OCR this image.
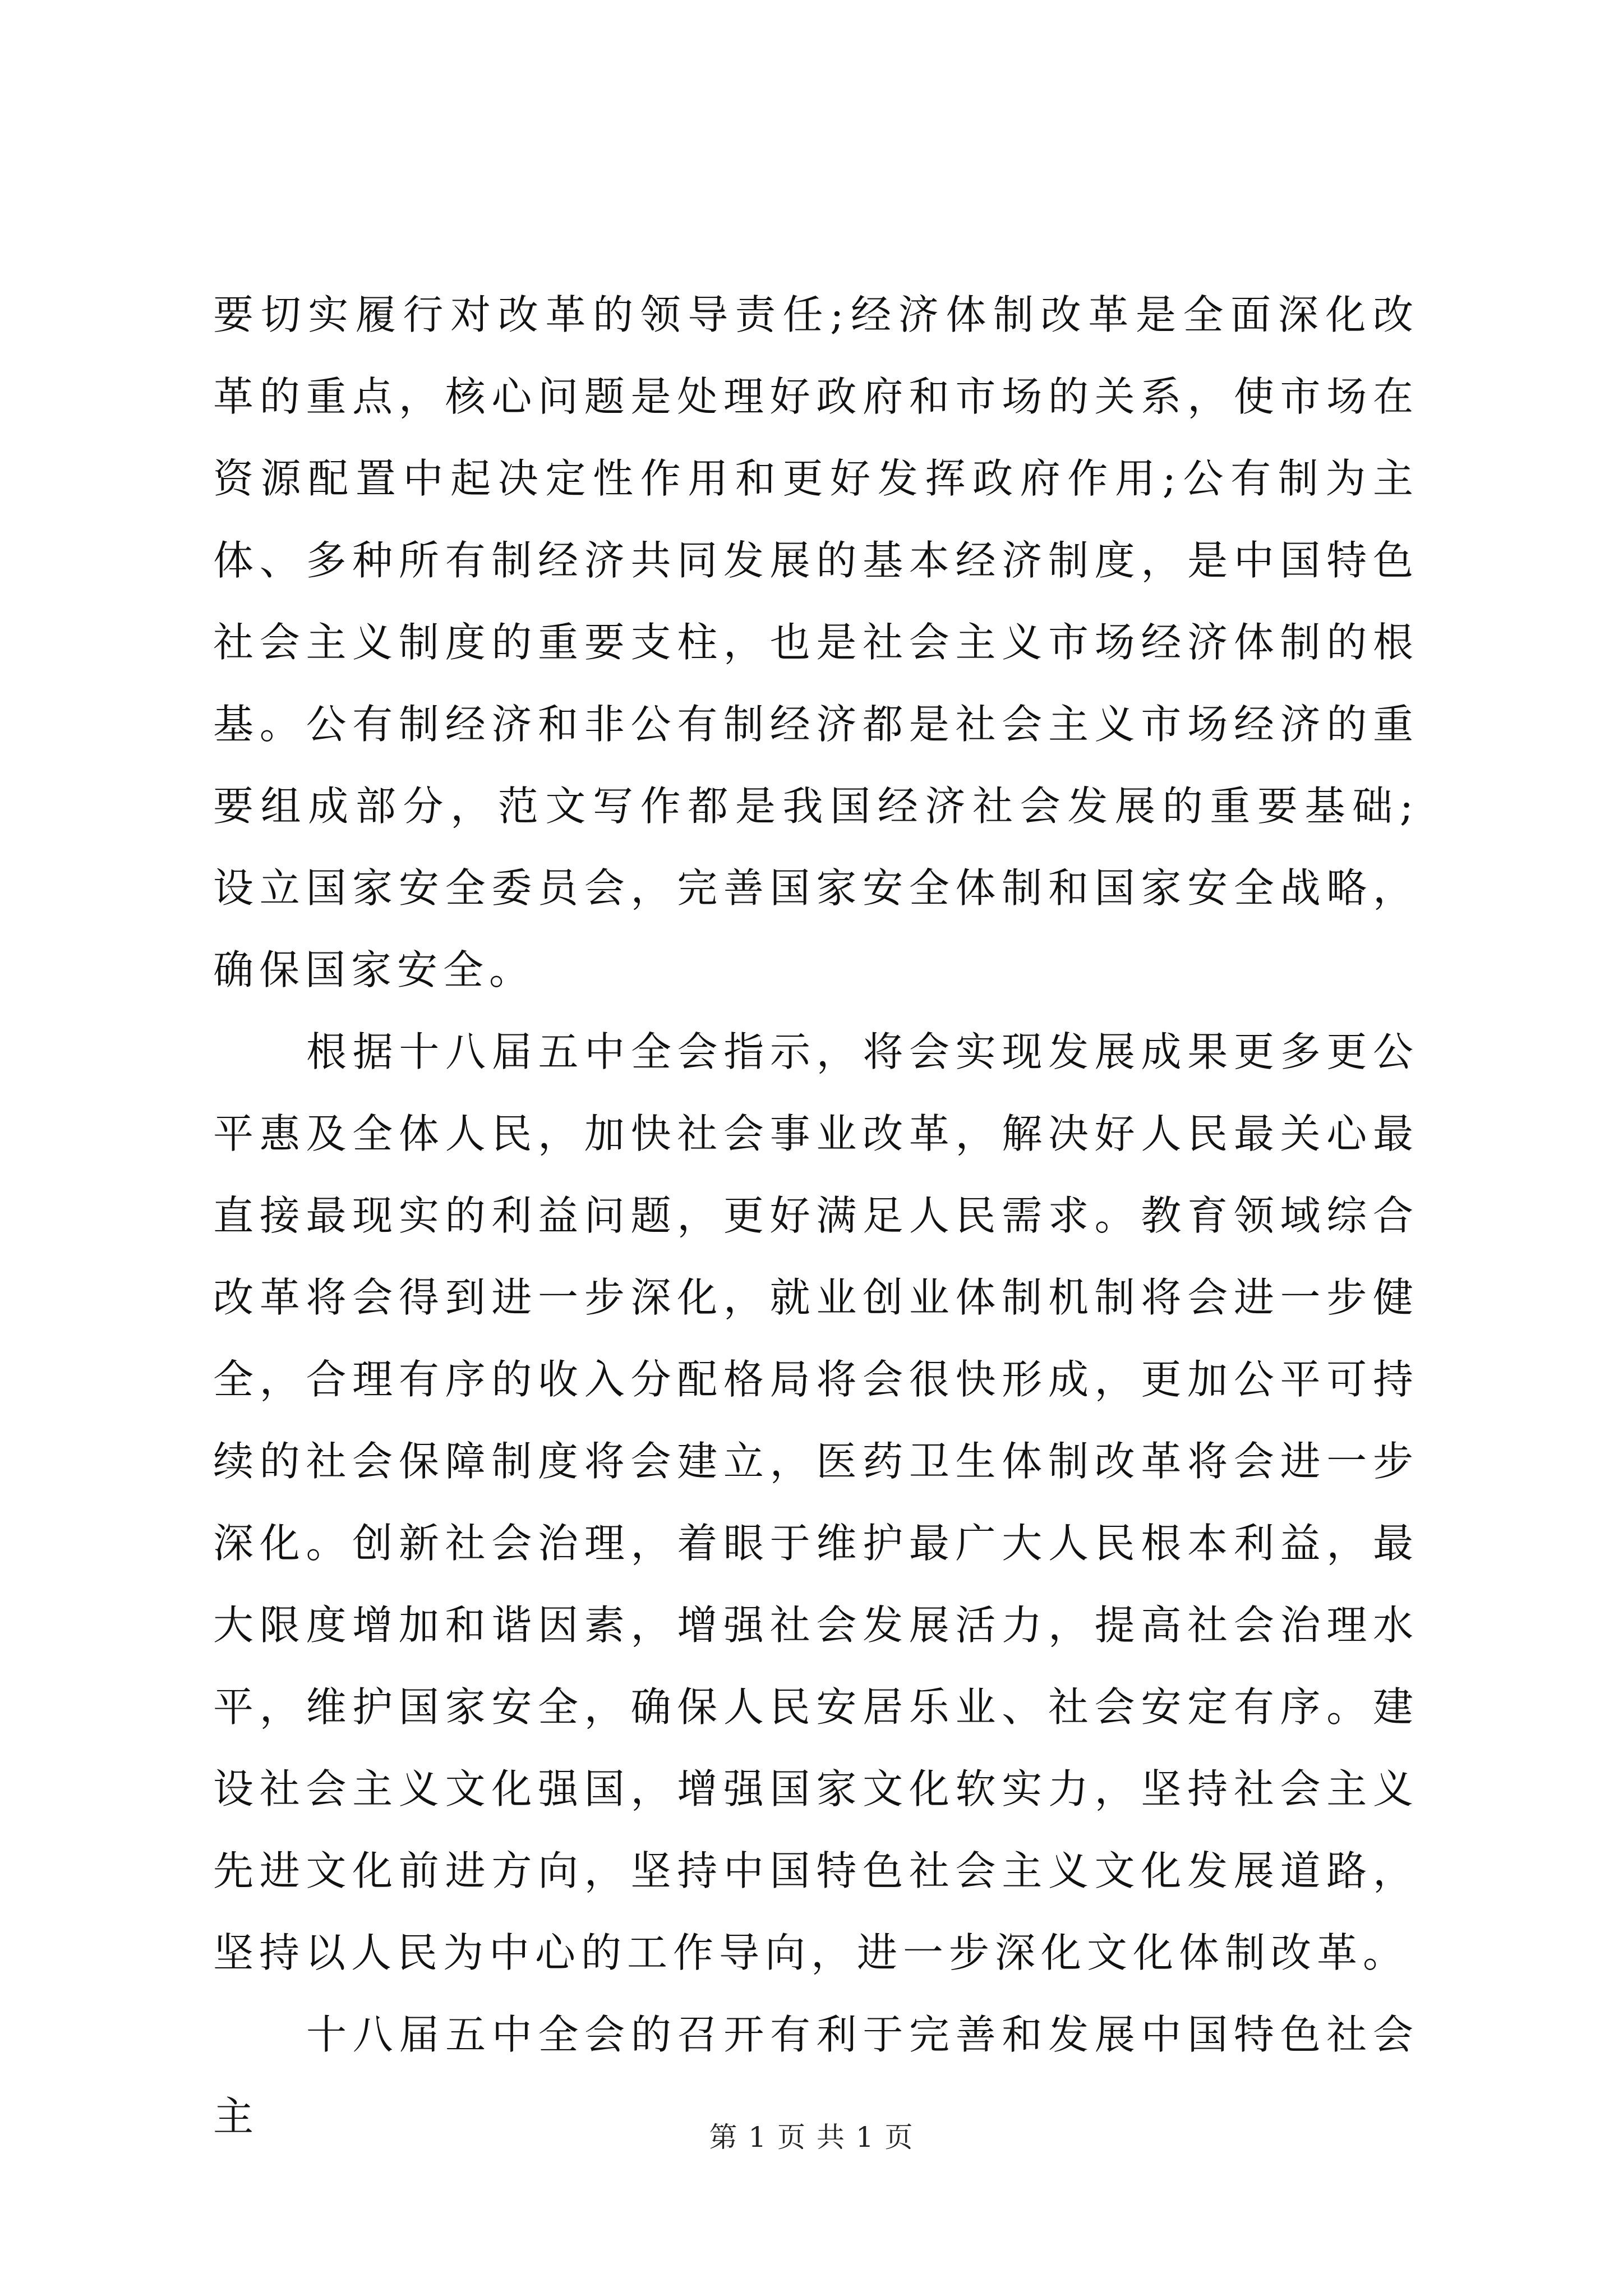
要切实履行对改革的领导责任;经济体制改革是全面深化改革的重点，核心问题是处理好政府和市场的关系，使市场在资源配置中起决定性作用和更好发挥政府作用;公有制为主体、多种所有制经济共同发展的基本经济制度，是中国特色社会主义制度的重要支柱，也是社会主义市场经济体制的根基。公有制经济和非公有制经济都是社会主义市场经济的重要组成部分，范文写作都是我国经济社会发展的重要基础;设立国家安全委员会，完善国家安全体制和国家安全战略，确保国家安全。

根据十八届五中全会指示，将会实现发展成果更多更公平惠及全体人民，加快社会事业改革，解决好人民最关心最直接最现实的利益问题，更好满足人民需求。教育领域综合改革将会得到进一步深化，就业创业体制机制将会进一步健全，合理有序的收入分配格局将会很快形成，更加公平可持续的社会保障制度将会建立，医药卫生体制改革将会进一步深化。创新社会治理，着眼于维护最广大人民根本利益，最大限度增加和谐因素，增强社会发展活力，提高社会治理水平，维护国家安全，确保人民安居乐业、社会安定有序。建设社会主义文化强国，增强国家文化软实力，坚持社会主义先进文化前进方向，坚持中国特色社会主义文化发展道路，坚持以人民为中心的工作导向，进一步深化文化体制改革。

十八届五中全会的召开有利于完善和发展中国特色社会主	第 1 页 共 1 页
